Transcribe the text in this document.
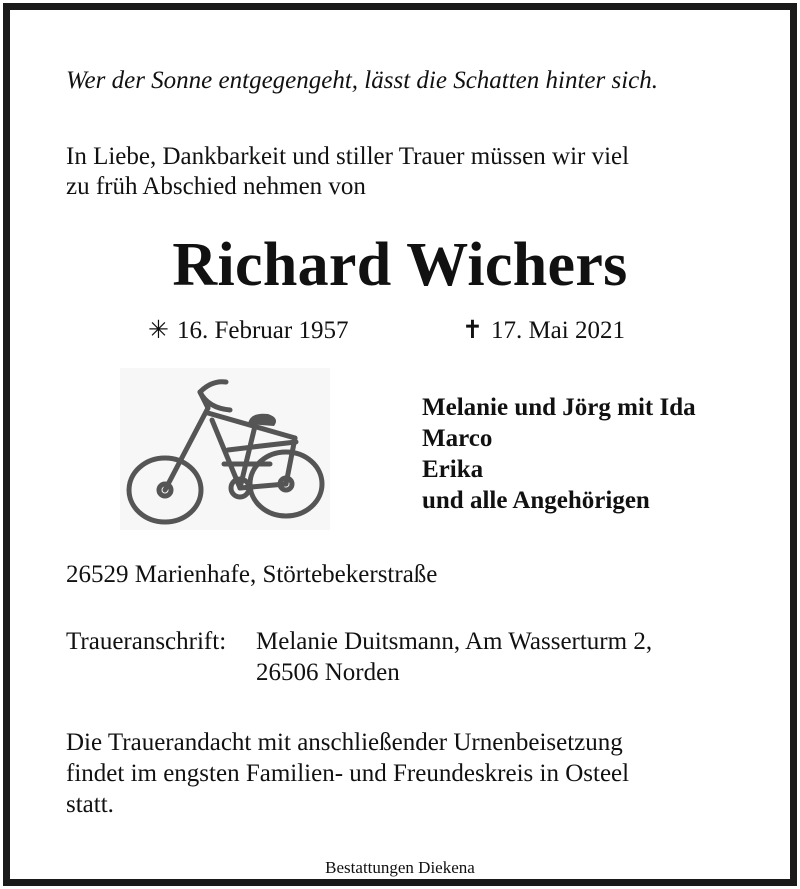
Wer der Sonne entgegengeht, lässt die Schatten hinter sich.
In Liebe, Dankbarkeit und stiller Trauer müssen wir viel
zu früh Abschied nehmen von
Richard Wichers
✳ 16. Februar 1957	✝ 17. Mai 2021
Melanie und Jörg mit Ida
Marco
Erika
und alle Angehörigen
26529 Marienhafe, Störtebekerstraße
Traueranschrift: Melanie Duitsmann, Am Wasserturm 2,
26506 Norden
Die Trauerandacht mit anschließender Urnenbeisetzung
findet im engsten Familien- und Freundeskreis in Osteel
statt.
Bestattungen Diekena
